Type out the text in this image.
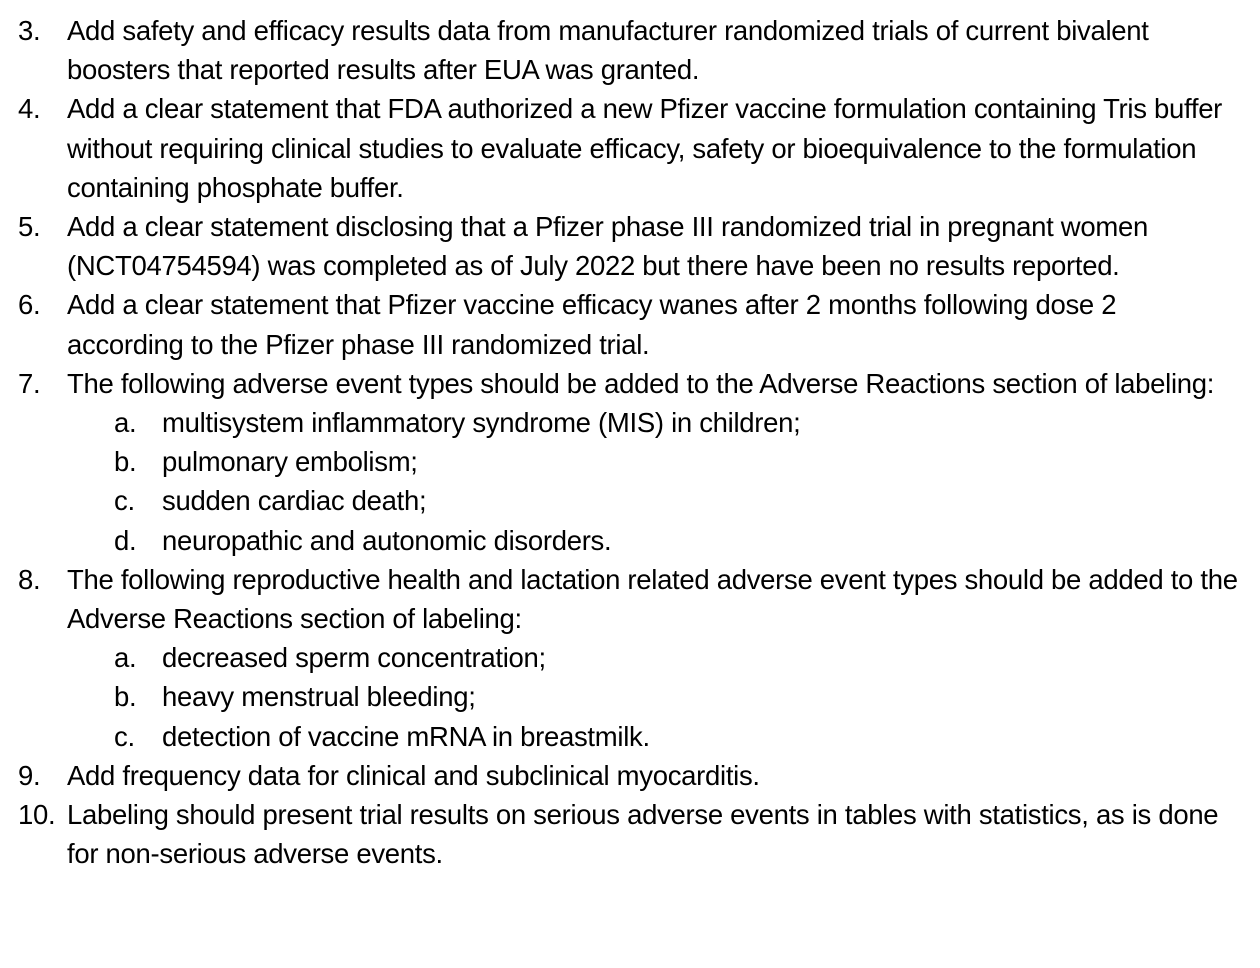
3. Add safety and efficacy results data from manufacturer randomized trials of current bivalent boosters that reported results after EUA was granted.
4. Add a clear statement that FDA authorized a new Pfizer vaccine formulation containing Tris buffer without requiring clinical studies to evaluate efficacy, safety or bioequivalence to the formulation containing phosphate buffer.
5. Add a clear statement disclosing that a Pfizer phase III randomized trial in pregnant women (NCT04754594) was completed as of July 2022 but there have been no results reported.
6. Add a clear statement that Pfizer vaccine efficacy wanes after 2 months following dose 2 according to the Pfizer phase III randomized trial.
7. The following adverse event types should be added to the Adverse Reactions section of labeling:
a. multisystem inflammatory syndrome (MIS) in children;
b. pulmonary embolism;
c. sudden cardiac death;
d. neuropathic and autonomic disorders.
8. The following reproductive health and lactation related adverse event types should be added to the Adverse Reactions section of labeling:
a. decreased sperm concentration;
b. heavy menstrual bleeding;
c. detection of vaccine mRNA in breastmilk.
9. Add frequency data for clinical and subclinical myocarditis.
10. Labeling should present trial results on serious adverse events in tables with statistics, as is done for non-serious adverse events.
